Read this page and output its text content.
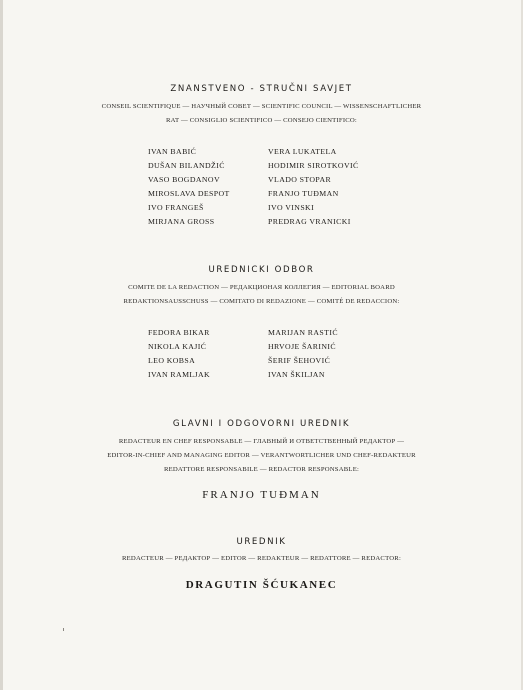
ZNANSTVENO - STRUČNI SAVJET
CONSEIL SCIENTIFIQUE — НАУЧНЫЙ СОВЕТ — SCIENTIFIC COUNCIL — WISSENSCHAFTLICHER
RAT — CONSIGLIO SCIENTIFICO — CONSEJO CIENTIFICO:
IVAN BABIĆ
DUŠAN BILANDŽIĆ
VASO BOGDANOV
MIROSLAVA DESPOT
IVO FRANGEŠ
MIRJANA GROSS
VERA LUKATELA
HODIMIR SIROTKOVIĆ
VLADO STOPAR
FRANJO TUĐMAN
IVO VINSKI
PREDRAG VRANICKI
UREDNICKI ODBOR
COMITE DE LA REDACTION — РЕДАКЦИОНАЯ КОЛЛЕГИЯ — EDITORIAL BOARD
REDAKTIONSAUSSCHUSS — COMITATO DI REDAZIONE — COMITÉ DE REDACCION:
FEDORA BIKAR
NIKOLA KAJIĆ
LEO KOBSA
IVAN RAMLJAK
MARIJAN RASTIĆ
HRVOJE ŠARINIĆ
ŠERIF ŠEHOVIĆ
IVAN ŠKILJAN
GLAVNI I ODGOVORNI UREDNIK
REDACTEUR EN CHEF RESPONSABLE — ГЛАВНЫЙ И ОТВЕТСТВЕННЫЙ РЕДАКТОР —
EDITOR-IN-CHIEF AND MANAGING EDITOR — VERANTWORTLICHER UND CHEF-REDAKTEUR
REDATTORE RESPONSABILE — REDACTOR RESPONSABLE:
FRANJO TUĐMAN
UREDNIK
REDACTEUR — РЕДАКТОР — EDITOR — REDAKTEUR — REDATTORE — REDACTOR:
DRAGUTIN ŠĆUKANEC
